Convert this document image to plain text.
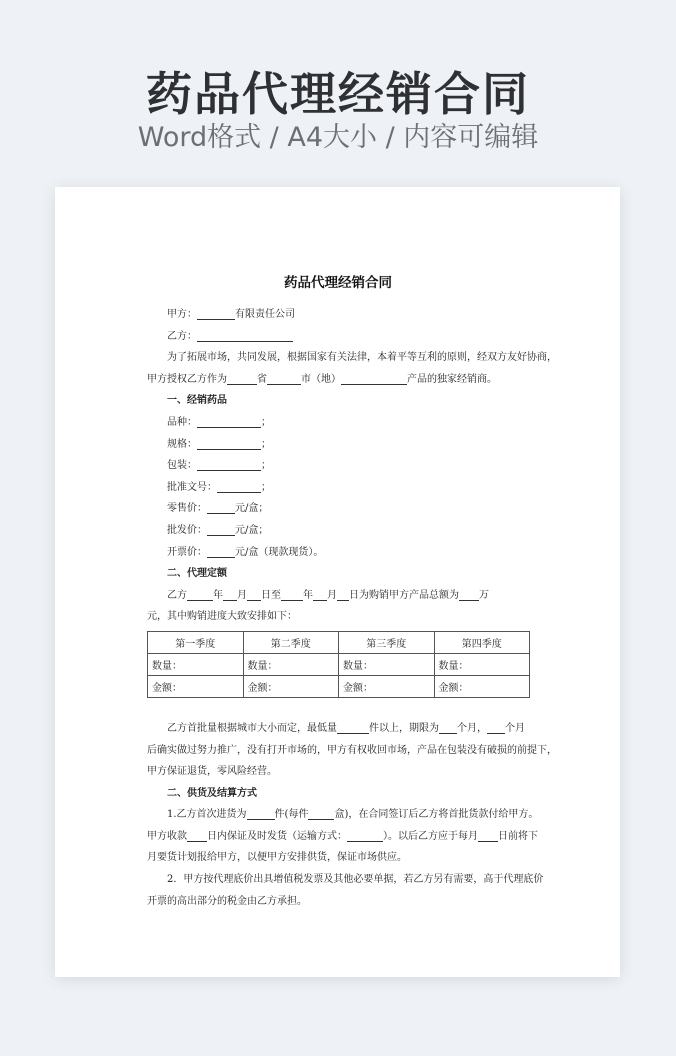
药品代理经销合同
Word格式 / A4大小 / 内容可编辑
药品代理经销合同
甲方：	有限责任公司
乙方：
为了拓展市场，共同发展，根据国家有关法律，本着平等互利的原则，经双方友好协商，
甲方授权乙方作为	省	市（地）	产品的独家经销商。
一、经销药品
品种：	；
规格：	；
包装：	；
批准文号：	；
零售价：	元/盒；
批发价：	元/盒；
开票价：	元/盒（现款现货）。
二、代理定额
乙方	年 月 日至 年 月 日为购销甲方产品总额为 万
元，其中购销进度大致安排如下：
第一季度	第二季度	第三季度	第四季度
数量：	数量：	数量：	数量：
金额：	金额：	金额：	金额：
乙方首批量根据城市大小而定，最低量	件以上，期限为 个月， 个月
后确实做过努力推广，没有打开市场的，甲方有权收回市场，产品在包装没有破损的前提下，
甲方保证退货，零风险经营。
二、供货及结算方式
1.乙方首次进货为	件(每件	盒)，在合同签订后乙方将首批货款付给甲方。
甲方收款 日内保证及时发货（运输方式：	）。以后乙方应于每月 日前将下
月要货计划报给甲方，以便甲方安排供货，保证市场供应。
2．甲方按代理底价出具增值税发票及其他必要单据，若乙方另有需要，高于代理底价
开票的高出部分的税金由乙方承担。
